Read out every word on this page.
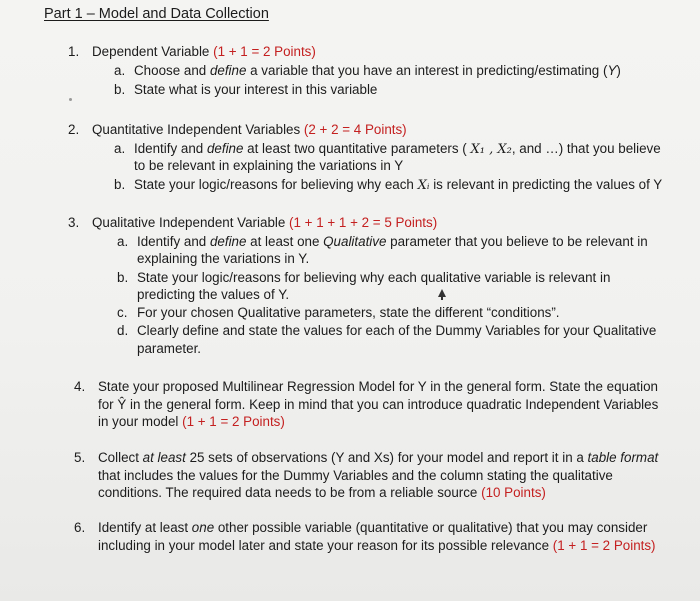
Part 1 – Model and Data Collection
1. Dependent Variable (1 + 1 = 2 Points)
a. Choose and define a variable that you have an interest in predicting/estimating (Y)
b. State what is your interest in this variable
2. Quantitative Independent Variables (2 + 2 = 4 Points)
a. Identify and define at least two quantitative parameters ( X₁ , X₂, and …) that you believe
to be relevant in explaining the variations in Y
b. State your logic/reasons for believing why each Xᵢ is relevant in predicting the values of Y
3. Qualitative Independent Variable (1 + 1 + 1 + 2 = 5 Points)
a. Identify and define at least one Qualitative parameter that you believe to be relevant in
explaining the variations in Y.
b. State your logic/reasons for believing why each qualitative variable is relevant in
predicting the values of Y.
c. For your chosen Qualitative parameters, state the different “conditions”.
d. Clearly define and state the values for each of the Dummy Variables for your Qualitative
parameter.
4. State your proposed Multilinear Regression Model for Y in the general form. State the equation
for Ŷ in the general form. Keep in mind that you can introduce quadratic Independent Variables
in your model (1 + 1 = 2 Points)
5. Collect at least 25 sets of observations (Y and Xs) for your model and report it in a table format
that includes the values for the Dummy Variables and the column stating the qualitative
conditions. The required data needs to be from a reliable source (10 Points)
6. Identify at least one other possible variable (quantitative or qualitative) that you may consider
including in your model later and state your reason for its possible relevance (1 + 1 = 2 Points)
